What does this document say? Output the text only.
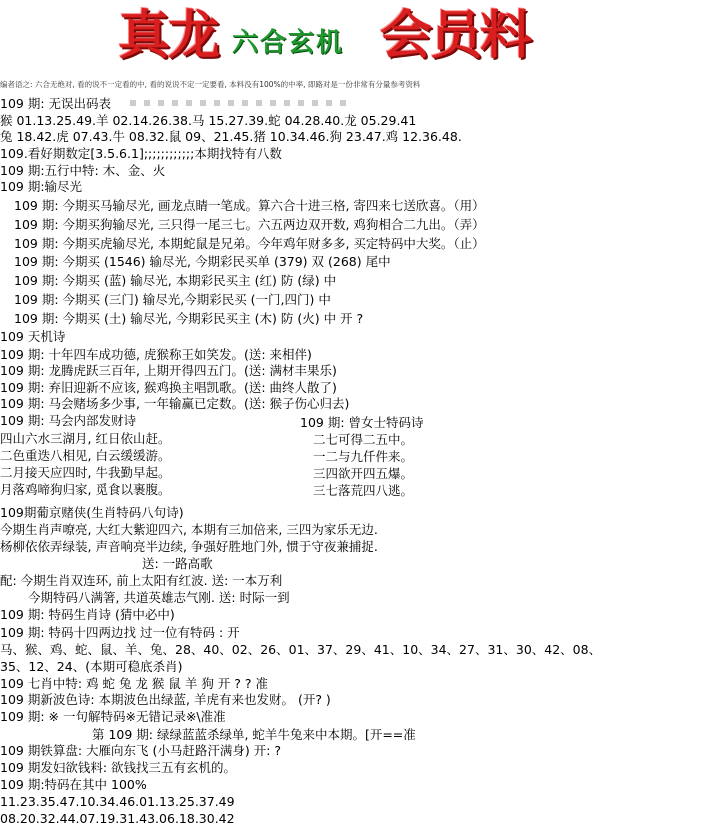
真龙 六合玄机 会员料
编者语之: 六合无绝对, 看的说不一定看的中, 看的说说不定一定要看, 本料没有100%的中率, 即路对是一份非常有分量参考资料
109 期: 无误出码表
猴 01.13.25.49.羊 02.14.26.38.马 15.27.39.蛇 04.28.40.龙 05.29.41
兔 18.42.虎 07.43.牛 08.32.鼠 09、21.45.猪 10.34.46.狗 23.47.鸡 12.36.48.
109.看好期数定[3.5.6.1];;;;;;;;;;;;本期找特有八数
109 期:五行中特: 木、金、火
109 期:输尽光
109 期: 今期买马输尽光, 画龙点睛一笔成。算六合十进三格, 寄四来七送欣喜。（用）
109 期: 今期买狗输尽光, 三只得一尾三七。六五两边双开数, 鸡狗相合二九出。（弄）
109 期: 今期买虎输尽光, 本期蛇鼠是兄弟。今年鸡年财多多, 买定特码中大奖。（止）
109 期: 今期买 (1546) 输尽光, 今期彩民买单 (379) 双 (268) 尾中
109 期: 今期买 (蓝) 输尽光, 本期彩民买主 (红) 防 (绿) 中
109 期: 今期买 (三门) 输尽光,今期彩民买 (一门,四门) 中
109 期: 今期买 (土) 输尽光, 今期彩民买主 (木) 防 (火) 中 开 ?
109 天机诗
109 期: 十年四车成功德, 虎猴称王如笑发。(送: 来相伴)
109 期: 龙腾虎跃三百年, 上期开得四五门。(送: 满材丰果乐)
109 期: 弃旧迎新不应该, 猴鸡换主唱凯歌。(送: 曲终人散了)
109 期: 马会赌场多少事, 一年输赢已定数。(送: 猴子伤心归去)
109 期: 马会内部发财诗
四山六水三湖月, 红日依山赶。
二色重迭八相见, 白云缓缓游。
二月接天应四时, 牛我勤早起。
月落鸡啼狗归家, 觅食以裹腹。
109 期: 曾女士特码诗
二七可得二五中。
一二与九仟件来。
三四欲开四五爆。
三七落荒四八逃。
109期葡京赌侠(生肖特码八句诗)
今期生肖声嘹亮, 大红大紫迎四六, 本期有三加倍来, 三四为家乐无边.
杨柳依依弄绿装, 声音响亮半边续, 争强好胜地门外, 惯于守夜兼捕捉.
送: 一路高歌
配: 今期生肖双连环, 前上太阳有红波. 送: 一本万利
今期特码八满箸, 共道英雄志气刚. 送: 时际一到
109 期: 特码生肖诗 (猜中必中)
109 期: 特码十四两边找 过一位有特码 : 开
马、猴、鸡、蛇、鼠、羊、兔、28、40、02、26、01、37、29、41、10、34、27、31、30、42、08、
35、12、24、(本期可稳底杀肖)
109 七肖中特: 鸡 蛇 兔 龙 猴 鼠 羊 狗 开 ? ? 准
109 期新波色诗: 本期波色出绿蓝, 羊虎有来也发财。 (开? )
109 期: ※ 一句解特码※无错记录※\准准
第 109 期: 绿绿蓝蓝杀绿单, 蛇羊牛兔来中本期。[开==准
109 期铁算盘: 大雁向东飞 (小马赶路汗满身) 开: ?
109 期发妇欲钱料: 欲钱找三五有玄机的。
109 期:特码在其中 100%
11.23.35.47.10.34.46.01.13.25.37.49
08.20.32.44.07.19.31.43.06.18.30.42
